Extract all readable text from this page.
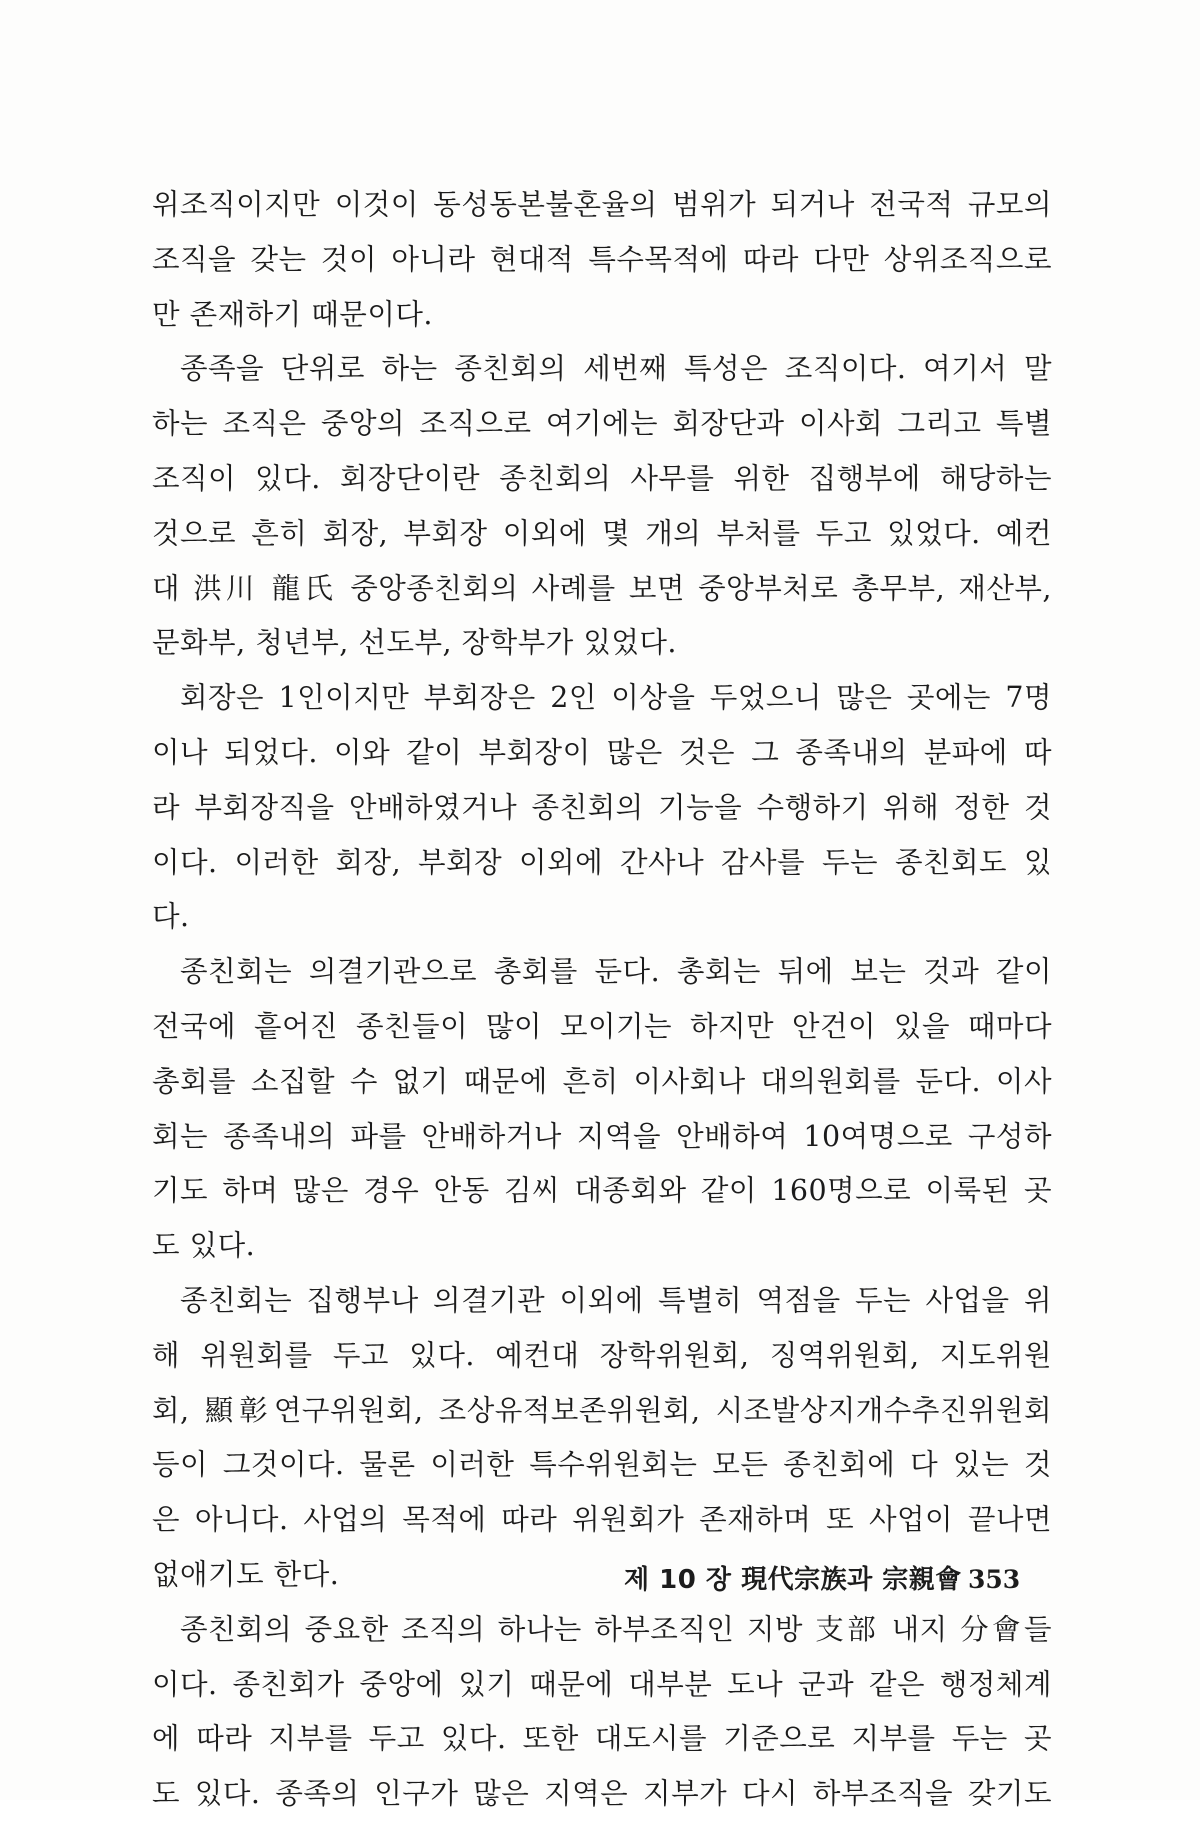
위조직이지만 이것이 동성동본불혼율의 범위가 되거나 전국적 규모의
조직을 갖는 것이 아니라 현대적 특수목적에 따라 다만 상위조직으로
만 존재하기 때문이다.
종족을 단위로 하는 종친회의 세번째 특성은 조직이다. 여기서 말
하는 조직은 중앙의 조직으로 여기에는 회장단과 이사회 그리고 특별
조직이 있다. 회장단이란 종친회의 사무를 위한 집행부에 해당하는
것으로 흔히 회장, 부회장 이외에 몇 개의 부처를 두고 있었다. 예컨
대 洪川 龍氏 중앙종친회의 사례를 보면 중앙부처로 총무부, 재산부,
문화부, 청년부, 선도부, 장학부가 있었다.
회장은 1인이지만 부회장은 2인 이상을 두었으니 많은 곳에는 7명
이나 되었다. 이와 같이 부회장이 많은 것은 그 종족내의 분파에 따
라 부회장직을 안배하였거나 종친회의 기능을 수행하기 위해 정한 것
이다. 이러한 회장, 부회장 이외에 간사나 감사를 두는 종친회도 있
다.
종친회는 의결기관으로 총회를 둔다. 총회는 뒤에 보는 것과 같이
전국에 흩어진 종친들이 많이 모이기는 하지만 안건이 있을 때마다
총회를 소집할 수 없기 때문에 흔히 이사회나 대의원회를 둔다. 이사
회는 종족내의 파를 안배하거나 지역을 안배하여 10여명으로 구성하
기도 하며 많은 경우 안동 김씨 대종회와 같이 160명으로 이룩된 곳
도 있다.
종친회는 집행부나 의결기관 이외에 특별히 역점을 두는 사업을 위
해 위원회를 두고 있다. 예컨대 장학위원회, 징역위원회, 지도위원
회, 顯彰연구위원회, 조상유적보존위원회, 시조발상지개수추진위원회
등이 그것이다. 물론 이러한 특수위원회는 모든 종친회에 다 있는 것
은 아니다. 사업의 목적에 따라 위원회가 존재하며 또 사업이 끝나면
없애기도 한다.
종친회의 중요한 조직의 하나는 하부조직인 지방 支部 내지 分會들
이다. 종친회가 중앙에 있기 때문에 대부분 도나 군과 같은 행정체계
에 따라 지부를 두고 있다. 또한 대도시를 기준으로 지부를 두는 곳
도 있다. 종족의 인구가 많은 지역은 지부가 다시 하부조직을 갖기도
제 10 장 現代宗族과 宗親會 353
